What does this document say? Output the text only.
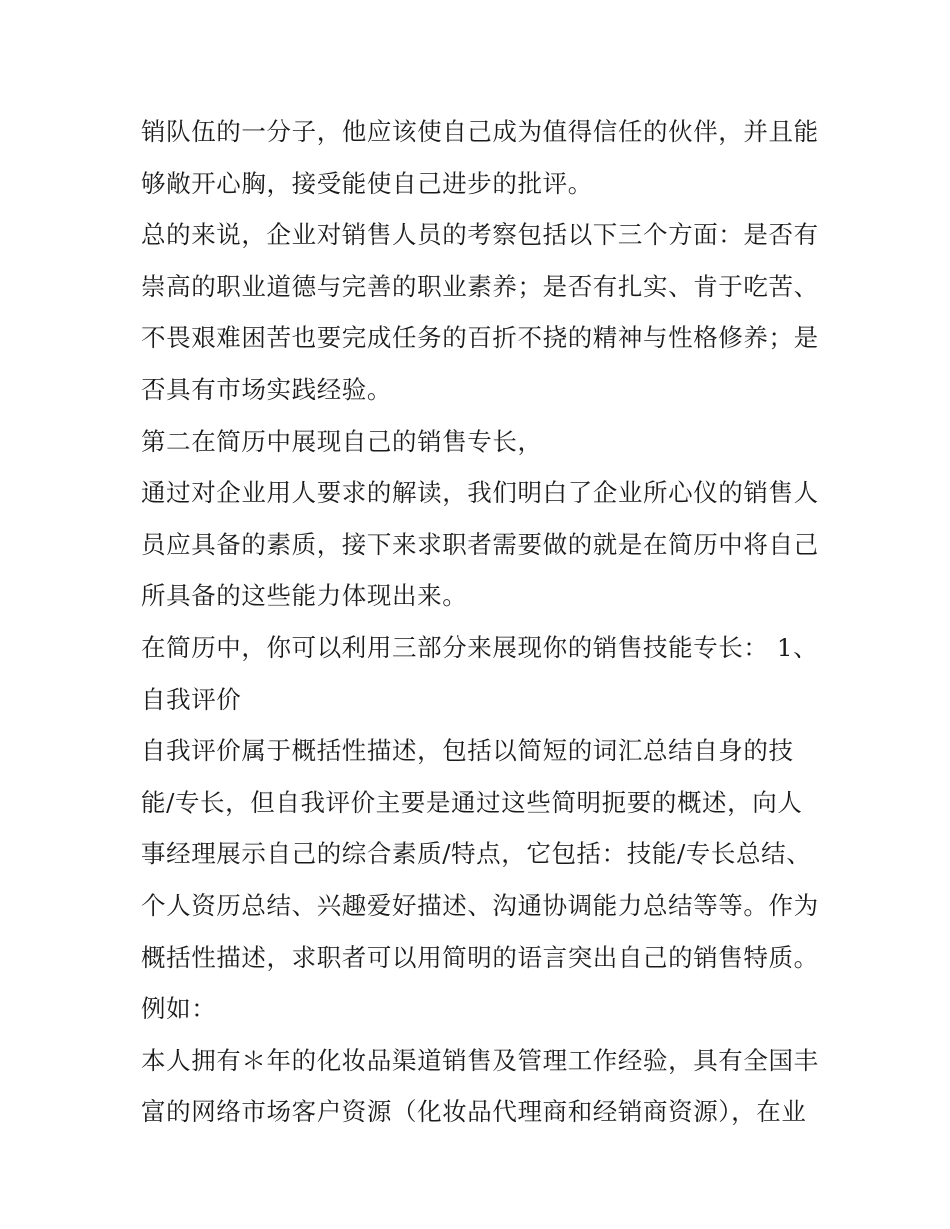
销队伍的一分子，他应该使自己成为值得信任的伙伴，并且能

够敞开心胸，接受能使自己进步的批评。

总的来说，企业对销售人员的考察包括以下三个方面：是否有

崇高的职业道德与完善的职业素养；是否有扎实、肯于吃苦、

不畏艰难困苦也要完成任务的百折不挠的精神与性格修养；是

否具有市场实践经验。

第二在简历中展现自己的销售专长，

通过对企业用人要求的解读，我们明白了企业所心仪的销售人

员应具备的素质，接下来求职者需要做的就是在简历中将自己

所具备的这些能力体现出来。

在简历中，你可以利用三部分来展现你的销售技能专长： 1、

自我评价

自我评价属于概括性描述，包括以简短的词汇总结自身的技

能/专长，但自我评价主要是通过这些简明扼要的概述，向人

事经理展示自己的综合素质/特点，它包括：技能/专长总结、

个人资历总结、兴趣爱好描述、沟通协调能力总结等等。作为

概括性描述，求职者可以用简明的语言突出自己的销售特质。

例如：

本人拥有＊年的化妆品渠道销售及管理工作经验，具有全国丰

富的网络市场客户资源（化妆品代理商和经销商资源），在业
